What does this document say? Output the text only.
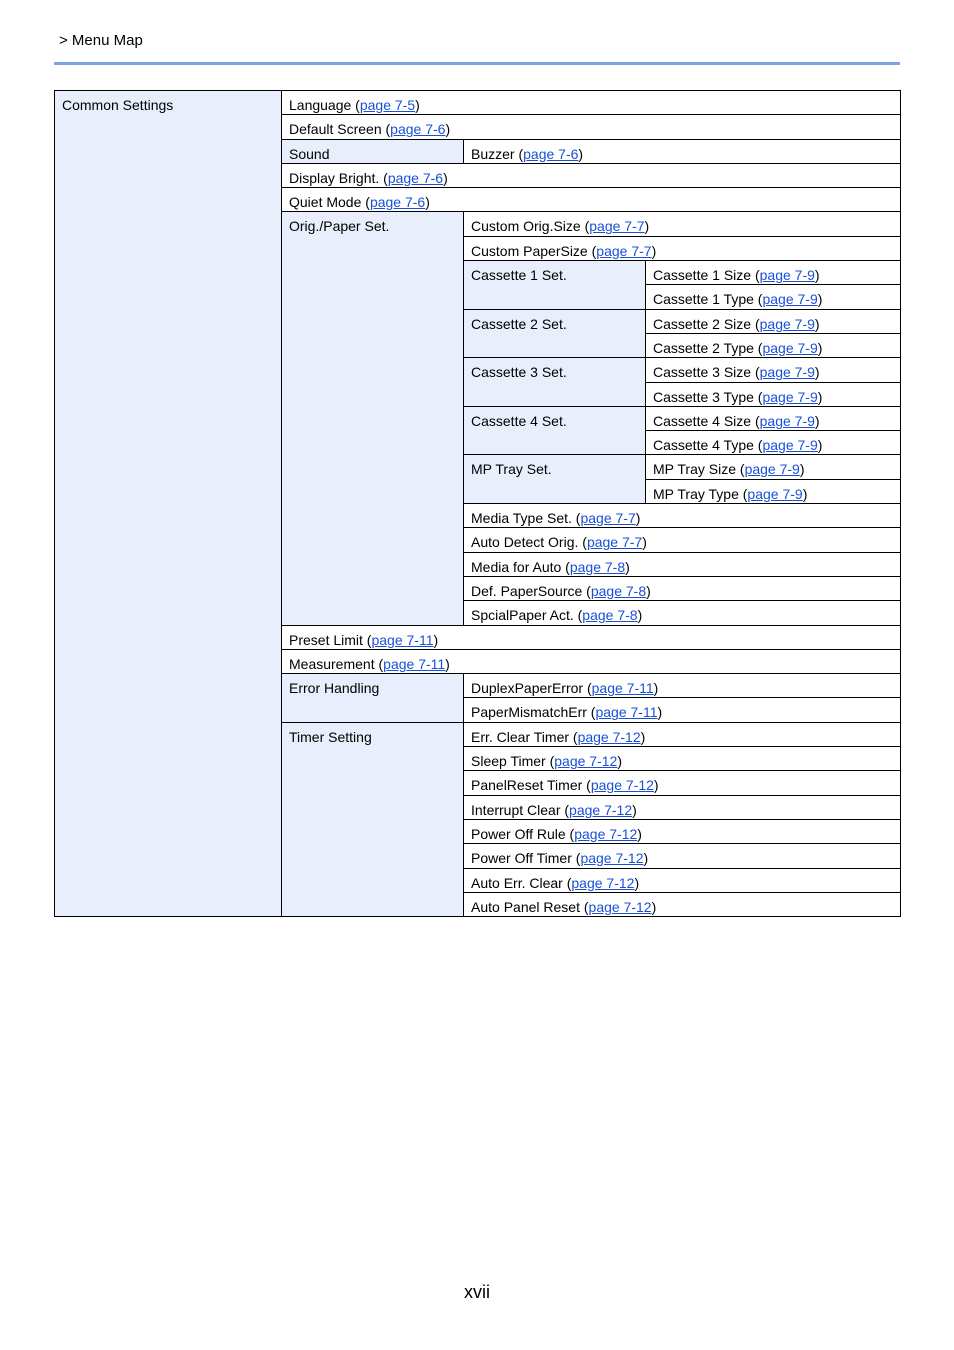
> Menu Map
Common Settings	Language (page 7-5)		
	Default Screen (page 7-6)		
	Sound	Buzzer (page 7-6)	
	Display Bright. (page 7-6)		
	Quiet Mode (page 7-6)		
	Orig./Paper Set.	Custom Orig.Size (page 7-7)	
		Custom PaperSize (page 7-7)	
		Cassette 1 Set.	Cassette 1 Size (page 7-9)
			Cassette 1 Type (page 7-9)
		Cassette 2 Set.	Cassette 2 Size (page 7-9)
			Cassette 2 Type (page 7-9)
		Cassette 3 Set.	Cassette 3 Size (page 7-9)
			Cassette 3 Type (page 7-9)
		Cassette 4 Set.	Cassette 4 Size (page 7-9)
			Cassette 4 Type (page 7-9)
		MP Tray Set.	MP Tray Size (page 7-9)
			MP Tray Type (page 7-9)
		Media Type Set. (page 7-7)	
		Auto Detect Orig. (page 7-7)	
		Media for Auto (page 7-8)	
		Def. PaperSource (page 7-8)	
		SpcialPaper Act. (page 7-8)	
	Preset Limit (page 7-11)		
	Measurement (page 7-11)		
	Error Handling	DuplexPaperError (page 7-11)	
		PaperMismatchErr (page 7-11)	
	Timer Setting	Err. Clear Timer (page 7-12)	
		Sleep Timer (page 7-12)	
		PanelReset Timer (page 7-12)	
		Interrupt Clear (page 7-12)	
		Power Off Rule (page 7-12)	
		Power Off Timer (page 7-12)	
		Auto Err. Clear (page 7-12)	
		Auto Panel Reset (page 7-12)	
xvii
